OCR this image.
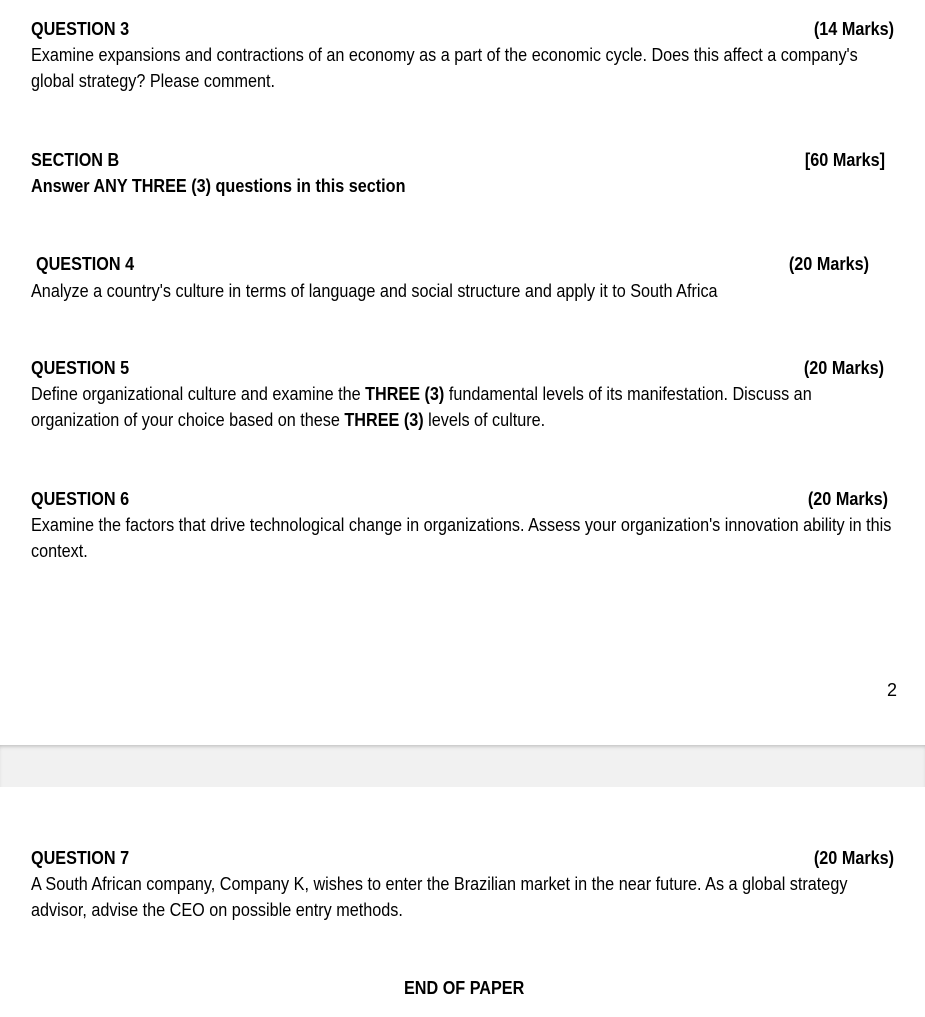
QUESTION 3	(14 Marks)
Examine expansions and contractions of an economy as a part of the economic cycle. Does this affect a company's global strategy? Please comment.
SECTION B	[60 Marks]
Answer ANY THREE (3) questions in this section
QUESTION 4	(20 Marks)
Analyze a country's culture in terms of language and social structure and apply it to South Africa
QUESTION 5	(20 Marks)
Define organizational culture and examine the THREE (3) fundamental levels of its manifestation. Discuss an organization of your choice based on these THREE (3) levels of culture.
QUESTION 6	(20 Marks)
Examine the factors that drive technological change in organizations. Assess your organization's innovation ability in this context.
2
QUESTION 7	(20 Marks)
A South African company, Company K, wishes to enter the Brazilian market in the near future. As a global strategy advisor, advise the CEO on possible entry methods.
END OF PAPER
